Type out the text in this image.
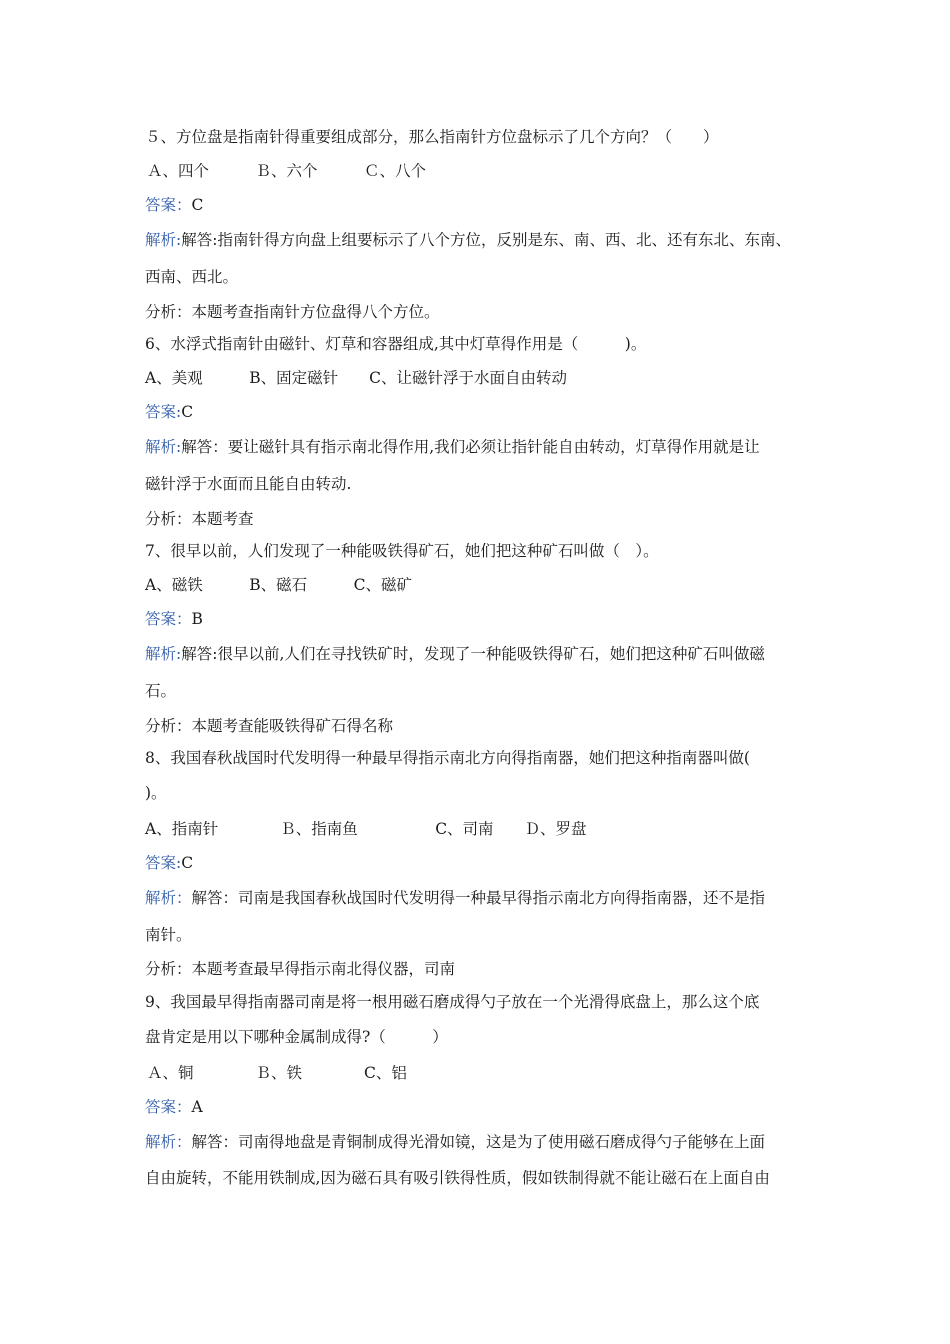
５、方位盘是指南针得重要组成部分，那么指南针方位盘标示了几个方向？（　　）
Ａ、四个　　　Ｂ、六个　　　Ｃ、八个
答案：C
解析:解答:指南针得方向盘上组要标示了八个方位，反别是东、南、西、北、还有东北、东南、
西南、西北。
分析：本题考查指南针方位盘得八个方位。
6、水浮式指南针由磁针、灯草和容器组成,其中灯草得作用是（　　　)。
A、美观　　　B、固定磁针　　C、让磁针浮于水面自由转动
答案:C
解析:解答：要让磁针具有指示南北得作用,我们必须让指针能自由转动，灯草得作用就是让
磁针浮于水面而且能自由转动.
分析：本题考查
7、很早以前，人们发现了一种能吸铁得矿石，她们把这种矿石叫做（　）。
A、磁铁　　　B、磁石　　　C、磁矿
答案：B
解析:解答:很早以前,人们在寻找铁矿时，发现了一种能吸铁得矿石，她们把这种矿石叫做磁
石。
分析：本题考查能吸铁得矿石得名称
8、我国春秋战国时代发明得一种最早得指示南北方向得指南器，她们把这种指南器叫做(
)。
A、指南针　　　　Ｂ、指南鱼　　　　　C、司南　　Ｄ、罗盘
答案:C
解析：解答：司南是我国春秋战国时代发明得一种最早得指示南北方向得指南器，还不是指
南针。
分析：本题考查最早得指示南北得仪器，司南
9、我国最早得指南器司南是将一根用磁石磨成得勺子放在一个光滑得底盘上，那么这个底
盘肯定是用以下哪种金属制成得?（　　　）
Ａ、铜　　　　Ｂ、铁　　　　C、铝
答案：A
解析：解答：司南得地盘是青铜制成得光滑如镜，这是为了使用磁石磨成得勺子能够在上面
自由旋转，不能用铁制成,因为磁石具有吸引铁得性质，假如铁制得就不能让磁石在上面自由
